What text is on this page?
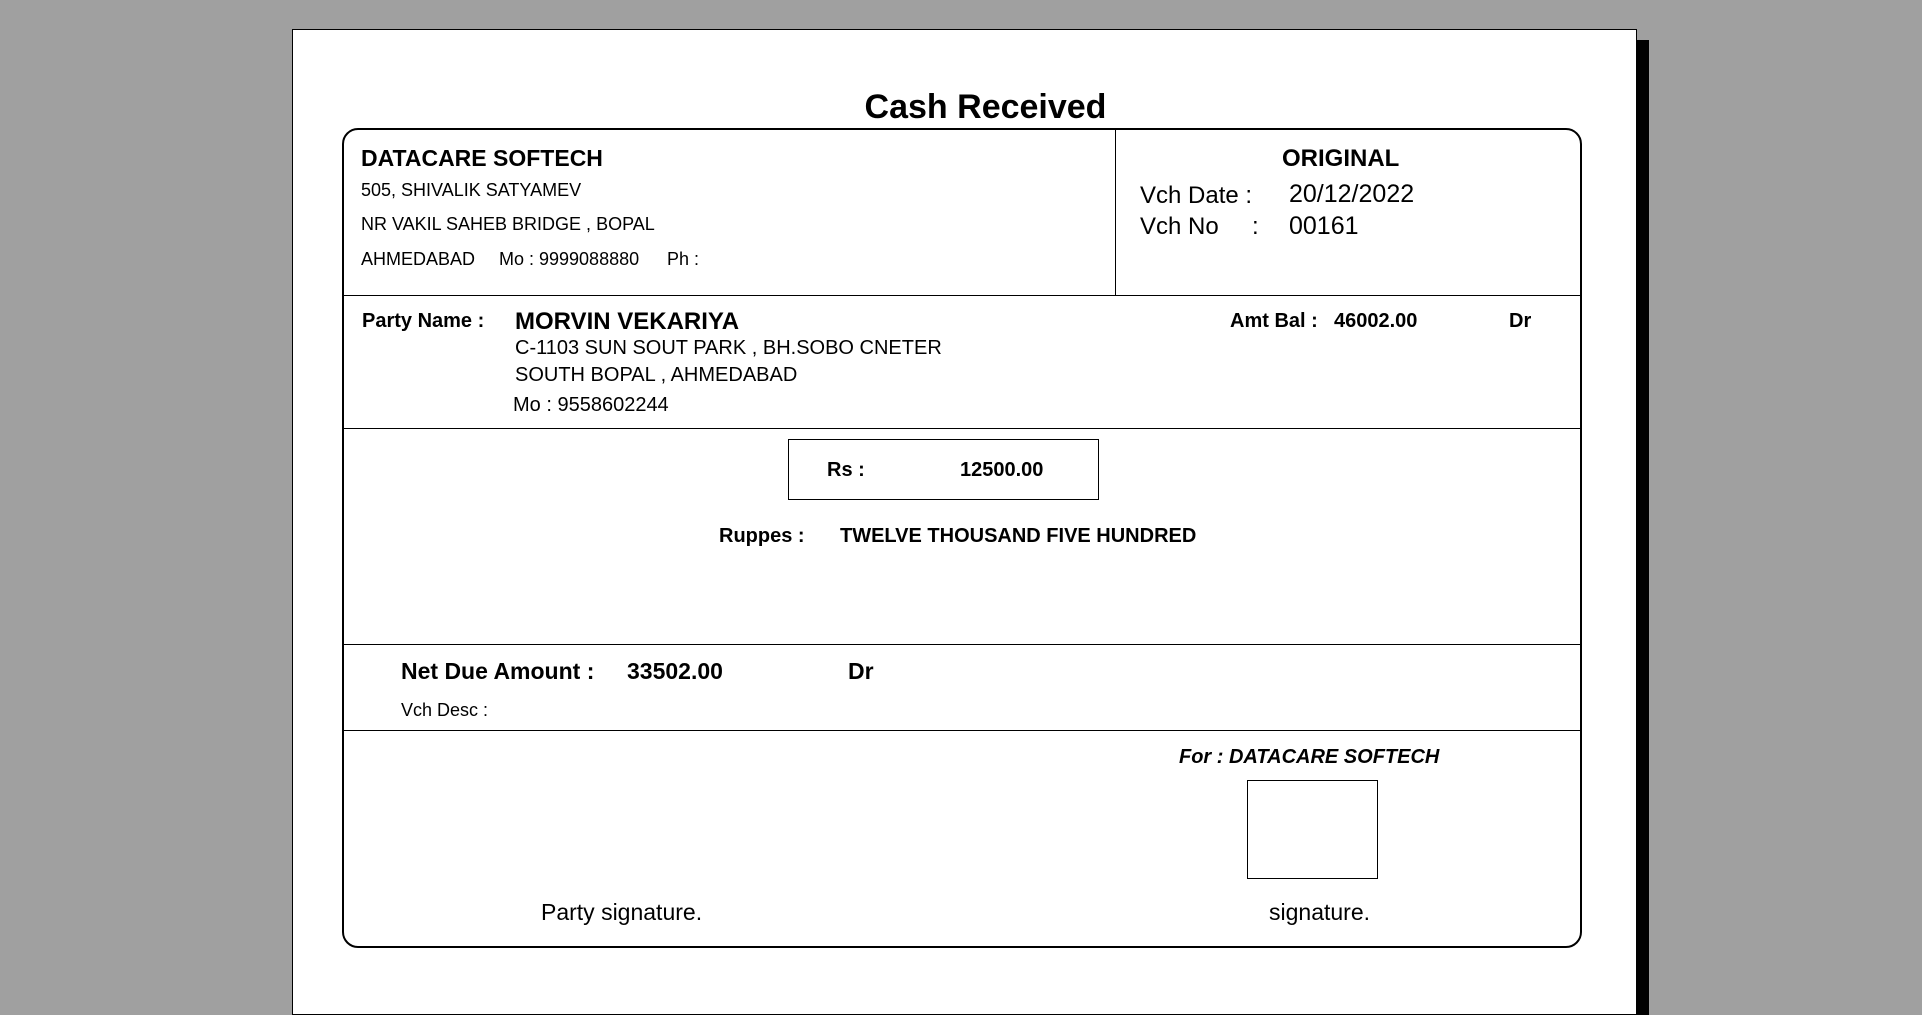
Cash Received
DATACARE SOFTECH
505, SHIVALIK SATYAMEV
NR VAKIL SAHEB BRIDGE , BOPAL
AHMEDABAD Mo : 9999088880 Ph :
ORIGINAL
Vch Date : 20/12/2022
Vch No : 00161
Party Name : MORVIN VEKARIYA
C-1103 SUN SOUT PARK , BH.SOBO CNETER
SOUTH BOPAL , AHMEDABAD
Mo : 9558602244
Amt Bal : 46002.00	Dr
Rs :	12500.00
Ruppes : TWELVE THOUSAND FIVE HUNDRED
Net Due Amount : 33502.00	Dr
Vch Desc :
For : DATACARE SOFTECH
Party signature.	signature.
